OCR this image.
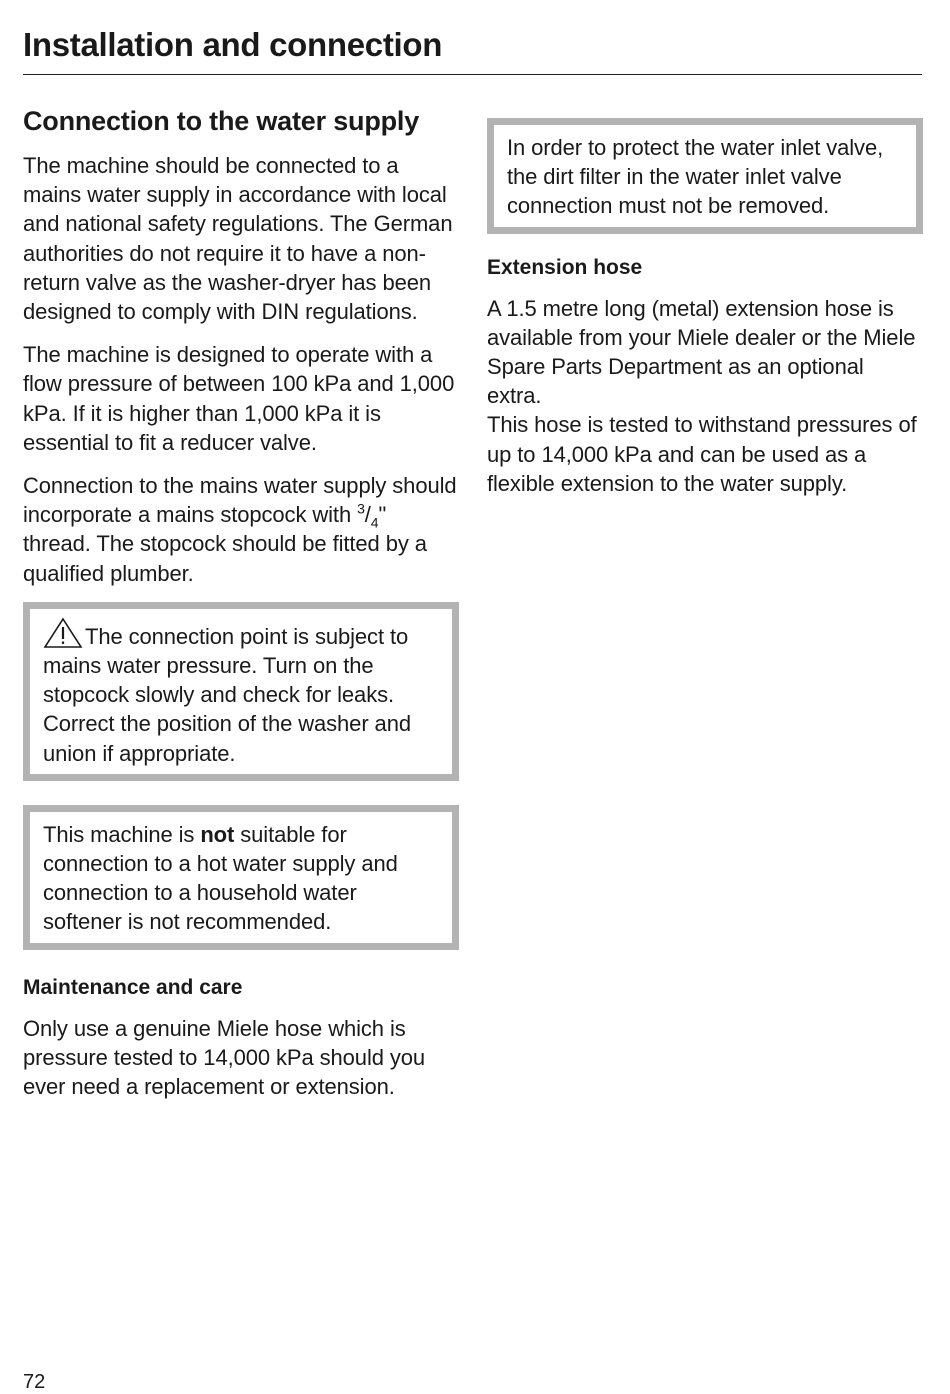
Installation and connection
Connection to the water supply

The machine should be connected to a mains water supply in accordance with local and national safety regulations. The German authorities do not require it to have a non-return valve as the washer-dryer has been designed to comply with DIN regulations.

The machine is designed to operate with a flow pressure of between 100 kPa and 1,000 kPa. If it is higher than 1,000 kPa it is essential to fit a reducer valve.

Connection to the mains water supply should incorporate a mains stopcock with $^3/_4$" thread. The stopcock should be fitted by a qualified plumber.

The connection point is subject to mains water pressure. Turn on the stopcock slowly and check for leaks. Correct the position of the washer and union if appropriate.

This machine is not suitable for connection to a hot water supply and connection to a household water softener is not recommended.

Maintenance and care

Only use a genuine Miele hose which is pressure tested to 14,000 kPa should you ever need a replacement or extension.

In order to protect the water inlet valve, the dirt filter in the water inlet valve connection must not be removed.

Extension hose

A 1.5 metre long (metal) extension hose is available from your Miele dealer or the Miele Spare Parts Department as an optional extra.
This hose is tested to withstand pressures of up to 14,000 kPa and can be used as a flexible extension to the water supply.

72
